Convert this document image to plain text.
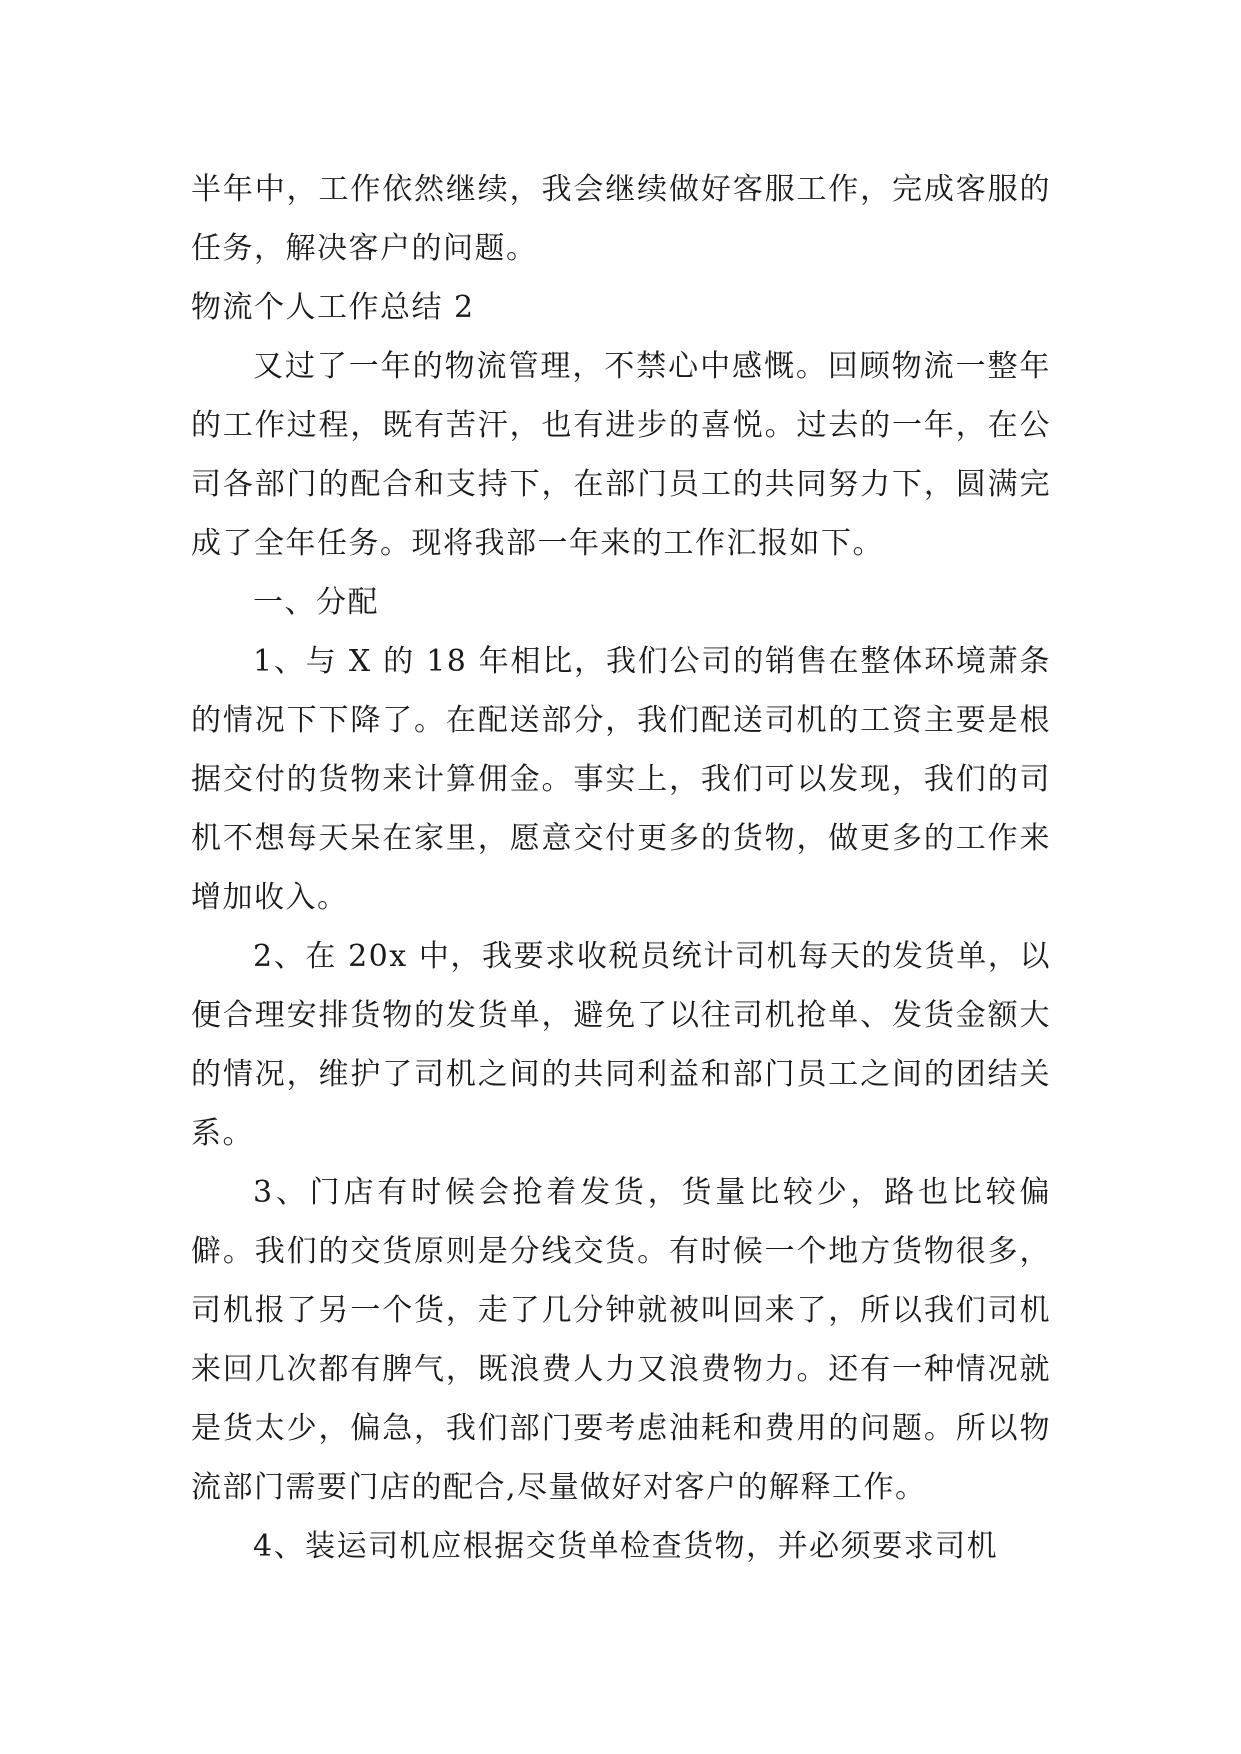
半年中，工作依然继续，我会继续做好客服工作，完成客服的任务，解决客户的问题。

物流个人工作总结 2

又过了一年的物流管理，不禁心中感慨。回顾物流一整年的工作过程，既有苦汗，也有进步的喜悦。过去的一年，在公司各部门的配合和支持下，在部门员工的共同努力下，圆满完成了全年任务。现将我部一年来的工作汇报如下。

一、分配

1、与 X 的 18 年相比，我们公司的销售在整体环境萧条的情况下下降了。在配送部分，我们配送司机的工资主要是根据交付的货物来计算佣金。事实上，我们可以发现，我们的司机不想每天呆在家里，愿意交付更多的货物，做更多的工作来增加收入。

2、在 20x 中，我要求收税员统计司机每天的发货单，以便合理安排货物的发货单，避免了以往司机抢单、发货金额大的情况，维护了司机之间的共同利益和部门员工之间的团结关系。

3、门店有时候会抢着发货，货量比较少，路也比较偏僻。我们的交货原则是分线交货。有时候一个地方货物很多，司机报了另一个货，走了几分钟就被叫回来了，所以我们司机来回几次都有脾气，既浪费人力又浪费物力。还有一种情况就是货太少，偏急，我们部门要考虑油耗和费用的问题。所以物流部门需要门店的配合,尽量做好对客户的解释工作。

4、装运司机应根据交货单检查货物，并必须要求司机
